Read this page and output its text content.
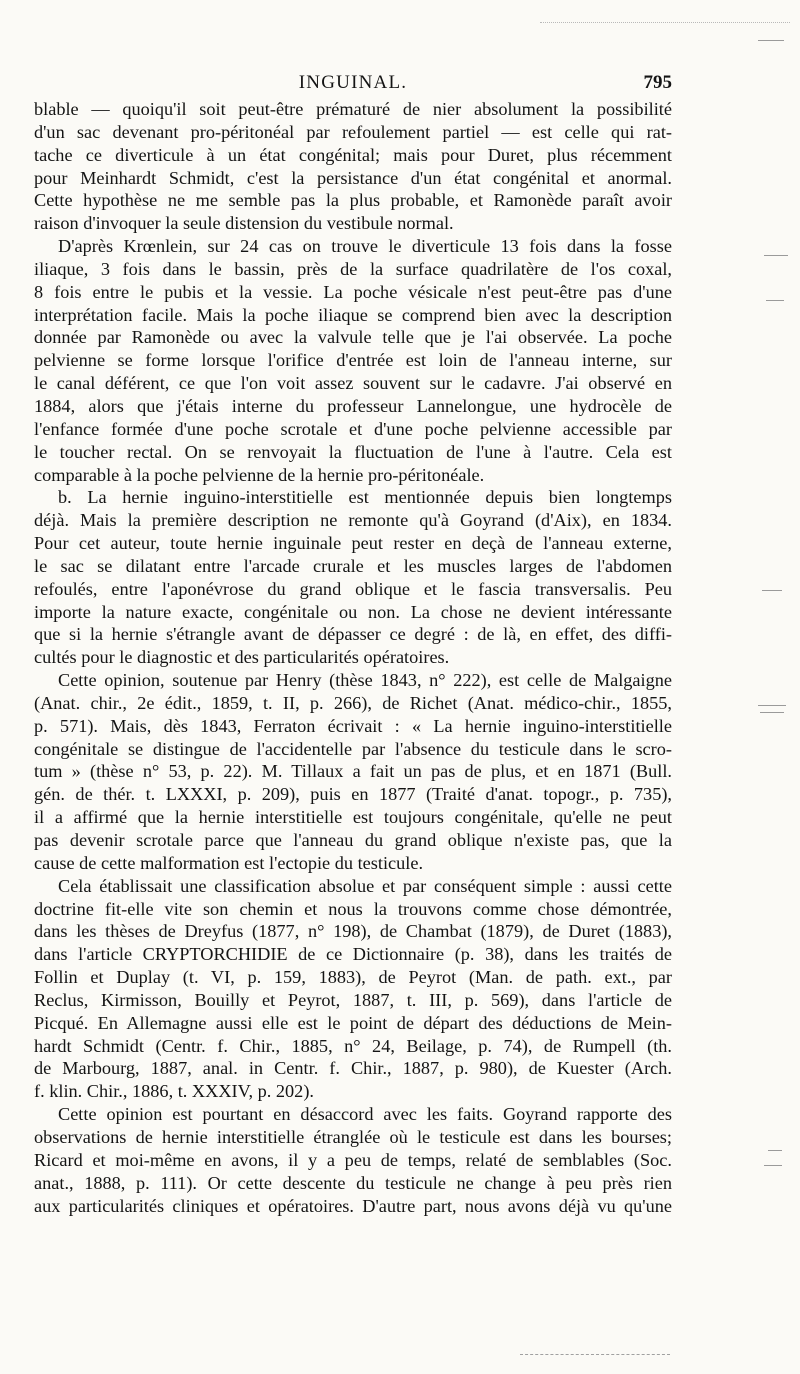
INGUINAL.	795
blable — quoiqu'il soit peut-être prématuré de nier absolument la possibilité
d'un sac devenant pro-péritonéal par refoulement partiel — est celle qui rat-
tache ce diverticule à un état congénital; mais pour Duret, plus récemment
pour Meinhardt Schmidt, c'est la persistance d'un état congénital et anormal.
Cette hypothèse ne me semble pas la plus probable, et Ramonède paraît avoir
raison d'invoquer la seule distension du vestibule normal.
D'après Krœnlein, sur 24 cas on trouve le diverticule 13 fois dans la fosse
iliaque, 3 fois dans le bassin, près de la surface quadrilatère de l'os coxal,
8 fois entre le pubis et la vessie. La poche vésicale n'est peut-être pas d'une
interprétation facile. Mais la poche iliaque se comprend bien avec la description
donnée par Ramonède ou avec la valvule telle que je l'ai observée. La poche
pelvienne se forme lorsque l'orifice d'entrée est loin de l'anneau interne, sur
le canal déférent, ce que l'on voit assez souvent sur le cadavre. J'ai observé en
1884, alors que j'étais interne du professeur Lannelongue, une hydrocèle de
l'enfance formée d'une poche scrotale et d'une poche pelvienne accessible par
le toucher rectal. On se renvoyait la fluctuation de l'une à l'autre. Cela est
comparable à la poche pelvienne de la hernie pro-péritonéale.
b. La hernie inguino-interstitielle est mentionnée depuis bien longtemps
déjà. Mais la première description ne remonte qu'à Goyrand (d'Aix), en 1834.
Pour cet auteur, toute hernie inguinale peut rester en deçà de l'anneau externe,
le sac se dilatant entre l'arcade crurale et les muscles larges de l'abdomen
refoulés, entre l'aponévrose du grand oblique et le fascia transversalis. Peu
importe la nature exacte, congénitale ou non. La chose ne devient intéressante
que si la hernie s'étrangle avant de dépasser ce degré : de là, en effet, des diffi-
cultés pour le diagnostic et des particularités opératoires.
Cette opinion, soutenue par Henry (thèse 1843, n° 222), est celle de Malgaigne
(Anat. chir., 2e édit., 1859, t. II, p. 266), de Richet (Anat. médico-chir., 1855,
p. 571). Mais, dès 1843, Ferraton écrivait : « La hernie inguino-interstitielle
congénitale se distingue de l'accidentelle par l'absence du testicule dans le scro-
tum » (thèse n° 53, p. 22). M. Tillaux a fait un pas de plus, et en 1871 (Bull.
gén. de thér. t. LXXXI, p. 209), puis en 1877 (Traité d'anat. topogr., p. 735),
il a affirmé que la hernie interstitielle est toujours congénitale, qu'elle ne peut
pas devenir scrotale parce que l'anneau du grand oblique n'existe pas, que la
cause de cette malformation est l'ectopie du testicule.
Cela établissait une classification absolue et par conséquent simple : aussi cette
doctrine fit-elle vite son chemin et nous la trouvons comme chose démontrée,
dans les thèses de Dreyfus (1877, n° 198), de Chambat (1879), de Duret (1883),
dans l'article CRYPTORCHIDIE de ce Dictionnaire (p. 38), dans les traités de
Follin et Duplay (t. VI, p. 159, 1883), de Peyrot (Man. de path. ext., par
Reclus, Kirmisson, Bouilly et Peyrot, 1887, t. III, p. 569), dans l'article de
Picqué. En Allemagne aussi elle est le point de départ des déductions de Mein-
hardt Schmidt (Centr. f. Chir., 1885, n° 24, Beilage, p. 74), de Rumpell (th.
de Marbourg, 1887, anal. in Centr. f. Chir., 1887, p. 980), de Kuester (Arch.
f. klin. Chir., 1886, t. XXXIV, p. 202).
Cette opinion est pourtant en désaccord avec les faits. Goyrand rapporte des
observations de hernie interstitielle étranglée où le testicule est dans les bourses;
Ricard et moi-même en avons, il y a peu de temps, relaté de semblables (Soc.
anat., 1888, p. 111). Or cette descente du testicule ne change à peu près rien
aux particularités cliniques et opératoires. D'autre part, nous avons déjà vu qu'une
